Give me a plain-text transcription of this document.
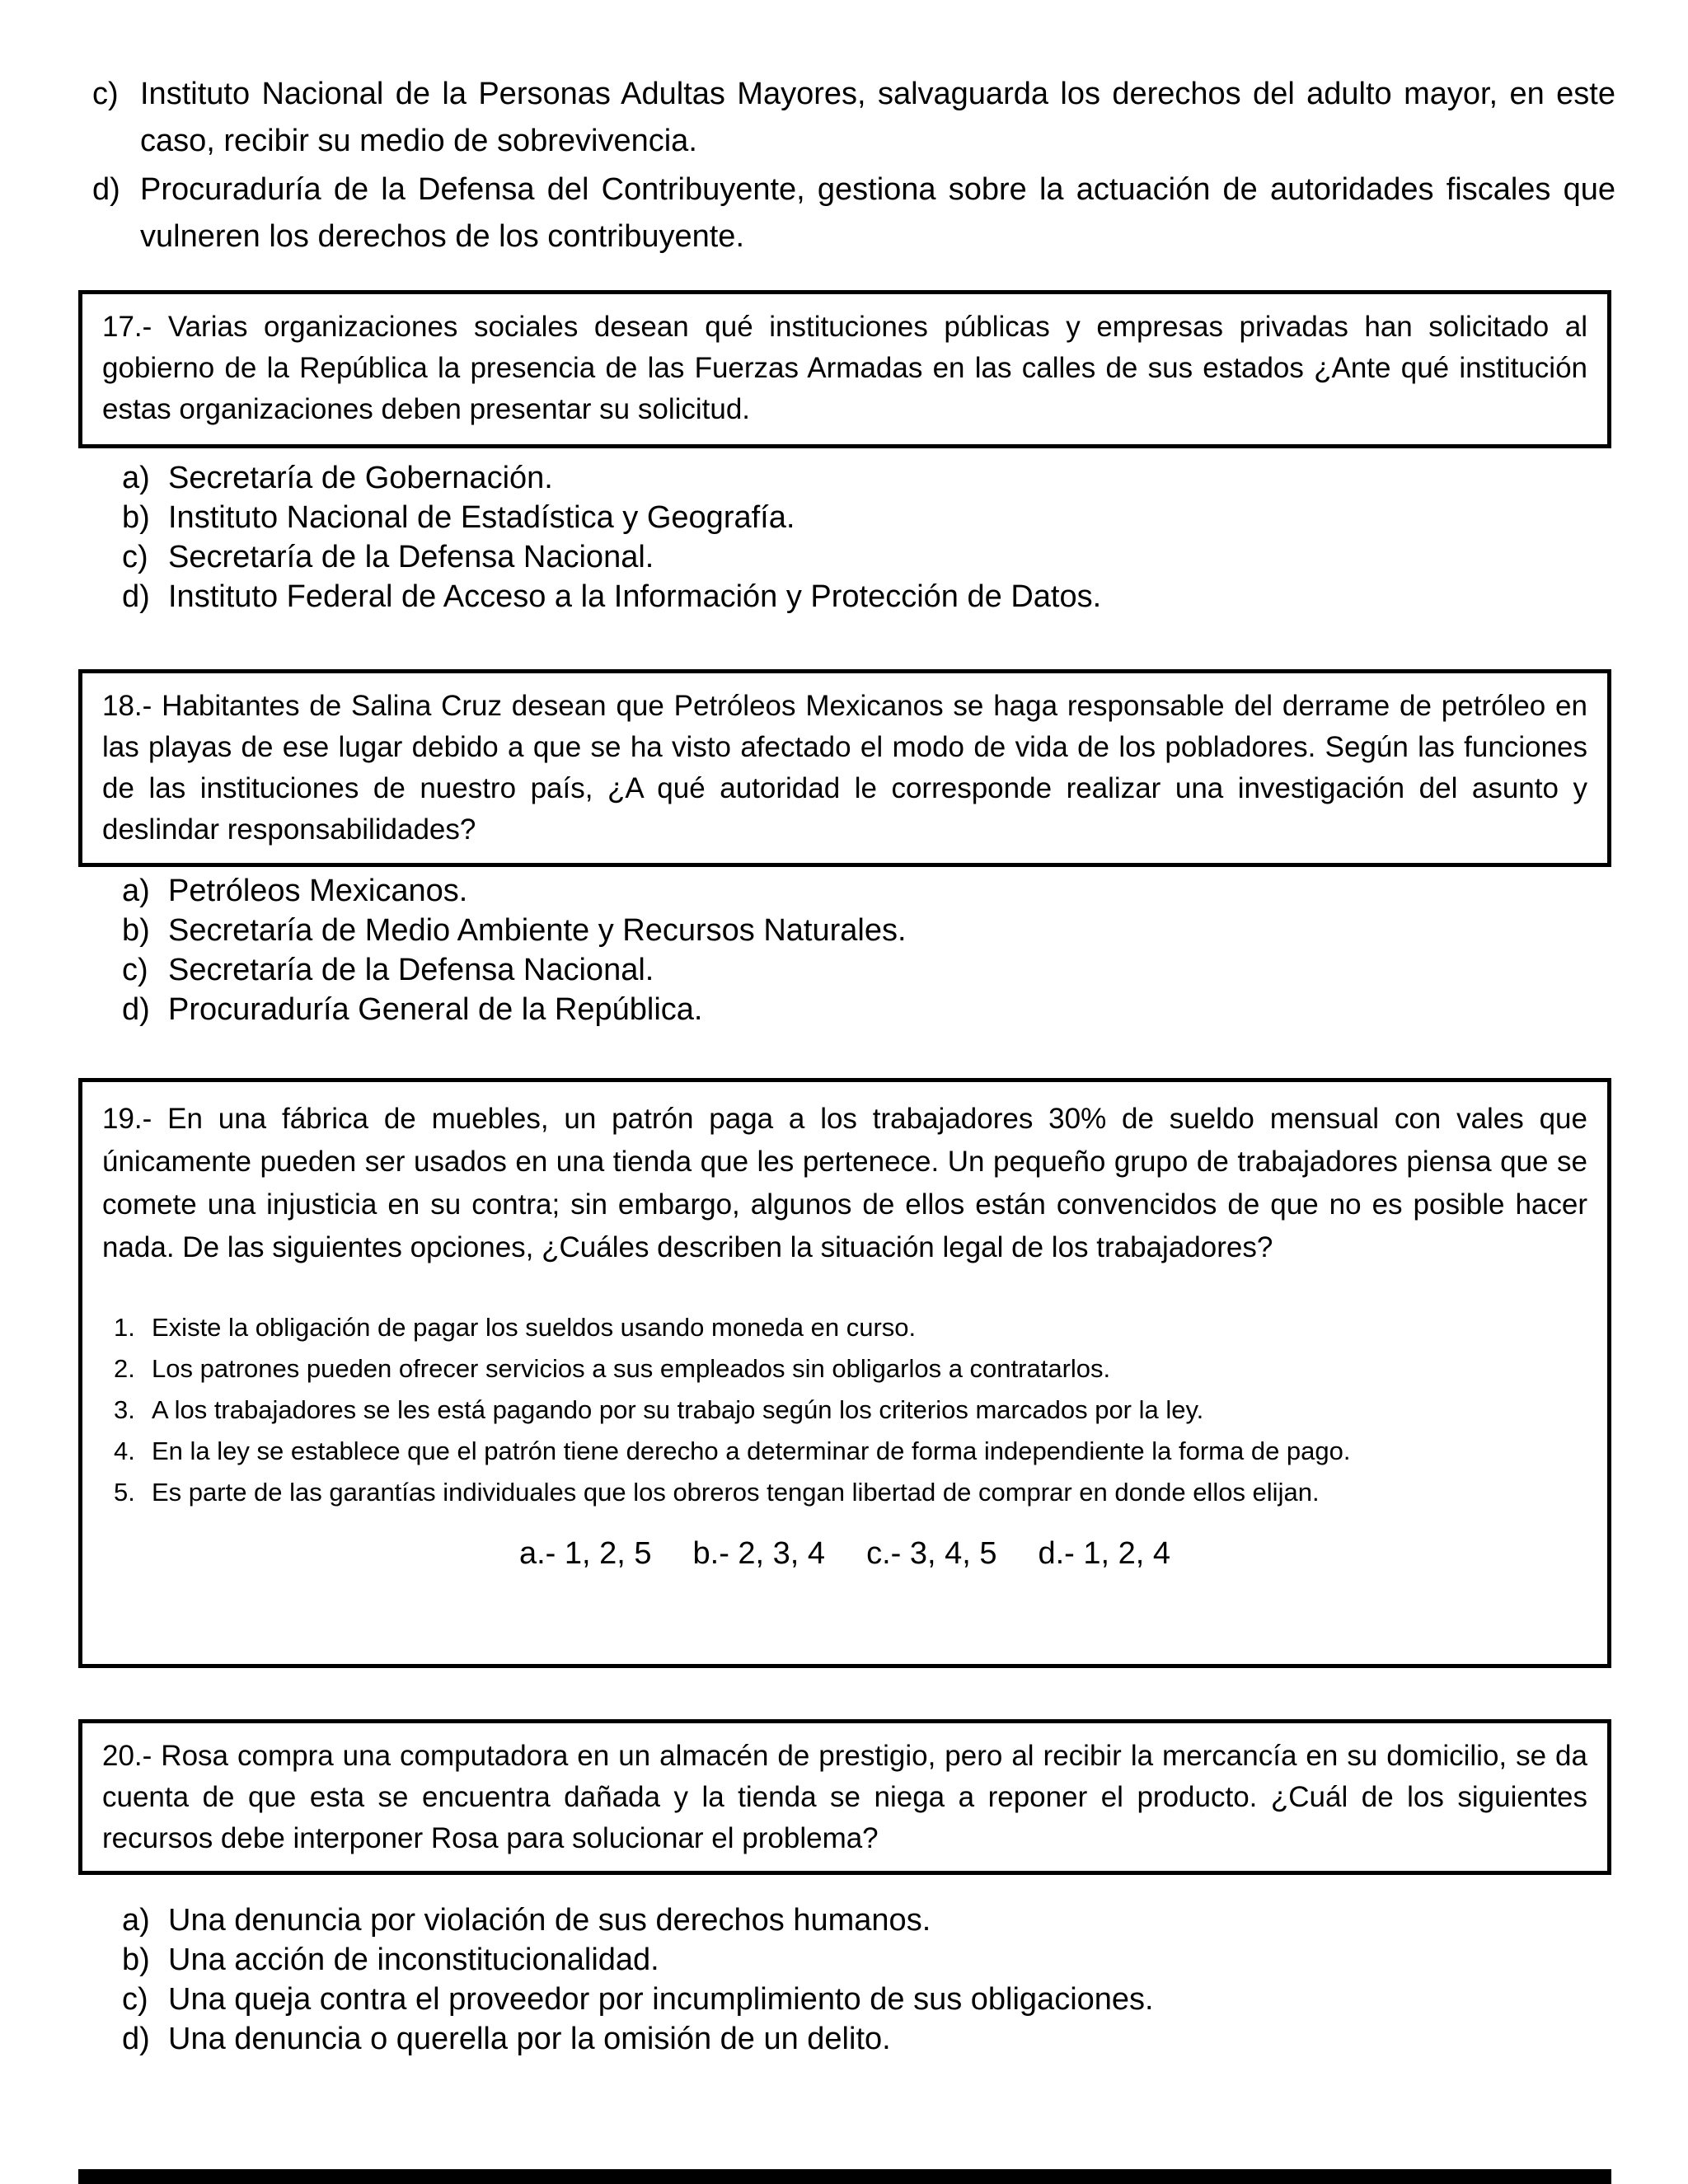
c) Instituto Nacional de la Personas Adultas Mayores, salvaguarda los derechos del adulto mayor, en este caso, recibir su medio de sobrevivencia.
d) Procuraduría de la Defensa del Contribuyente, gestiona sobre la actuación de autoridades fiscales que vulneren los derechos de los contribuyente.

17.- Varias organizaciones sociales desean qué instituciones públicas y empresas privadas han solicitado al gobierno de la República la presencia de las Fuerzas Armadas en las calles de sus estados ¿Ante qué institución estas organizaciones deben presentar su solicitud.

a) Secretaría de Gobernación.
b) Instituto Nacional de Estadística y Geografía.
c) Secretaría de la Defensa Nacional.
d) Instituto Federal de Acceso a la Información y Protección de Datos.

18.- Habitantes de Salina Cruz desean que Petróleos Mexicanos se haga responsable del derrame de petróleo en las playas de ese lugar debido a que se ha visto afectado el modo de vida de los pobladores. Según las funciones de las instituciones de nuestro país, ¿A qué autoridad le corresponde realizar una investigación del asunto y deslindar responsabilidades?

a) Petróleos Mexicanos.
b) Secretaría de Medio Ambiente y Recursos Naturales.
c) Secretaría de la Defensa Nacional.
d) Procuraduría General de la República.

19.- En una fábrica de muebles, un patrón paga a los trabajadores 30% de sueldo mensual con vales que únicamente pueden ser usados en una tienda que les pertenece. Un pequeño grupo de trabajadores piensa que se comete una injusticia en su contra; sin embargo, algunos de ellos están convencidos de que no es posible hacer nada. De las siguientes opciones, ¿Cuáles describen la situación legal de los trabajadores?

1. Existe la obligación de pagar los sueldos usando moneda en curso.
2. Los patrones pueden ofrecer servicios a sus empleados sin obligarlos a contratarlos.
3. A los trabajadores se les está pagando por su trabajo según los criterios marcados por la ley.
4. En la ley se establece que el patrón tiene derecho a determinar de forma independiente la forma de pago.
5. Es parte de las garantías individuales que los obreros tengan libertad de comprar en donde ellos elijan.
a.- 1, 2, 5 b.- 2, 3, 4 c.- 3, 4, 5 d.- 1, 2, 4

20.- Rosa compra una computadora en un almacén de prestigio, pero al recibir la mercancía en su domicilio, se da cuenta de que esta se encuentra dañada y la tienda se niega a reponer el producto. ¿Cuál de los siguientes recursos debe interponer Rosa para solucionar el problema?

a) Una denuncia por violación de sus derechos humanos.
b) Una acción de inconstitucionalidad.
c) Una queja contra el proveedor por incumplimiento de sus obligaciones.
d) Una denuncia o querella por la omisión de un delito.
